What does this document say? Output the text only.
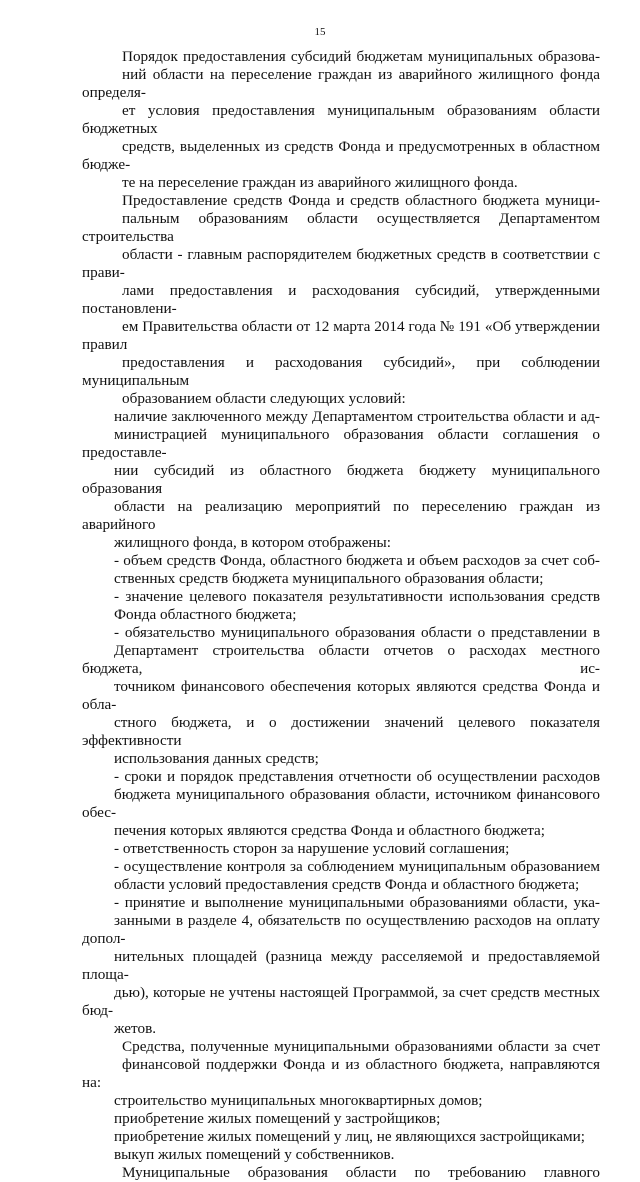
15

Порядок предоставления субсидий бюджетам муниципальных образова-
ний области на переселение граждан из аварийного жилищного фонда определя-
ет условия предоставления муниципальным образованиям области бюджетных
средств, выделенных из средств Фонда и предусмотренных в областном бюдже-
те на переселение граждан из аварийного жилищного фонда.

Предоставление средств Фонда и средств областного бюджета муници-
пальным образованиям области осуществляется Департаментом строительства
области - главным распорядителем бюджетных средств в соответствии с прави-
лами предоставления и расходования субсидий, утвержденными постановлени-
ем Правительства области от 12 марта 2014 года № 191 «Об утверждении правил
предоставления и расходования субсидий», при соблюдении муниципальным
образованием области следующих условий:

наличие заключенного между Департаментом строительства области и ад-
министрацией муниципального образования области соглашения о предоставле-
нии субсидий из областного бюджета бюджету муниципального образования
области на реализацию мероприятий по переселению граждан из аварийного
жилищного фонда, в котором отображены:

- объем средств Фонда, областного бюджета и объем расходов за счет соб-
ственных средств бюджета муниципального образования области;

- значение целевого показателя результативности использования средств
Фонда областного бюджета;

- обязательство муниципального образования области о представлении в
Департамент строительства области отчетов о расходах местного бюджета, ис-
точником финансового обеспечения которых являются средства Фонда и обла-
стного бюджета, и о достижении значений целевого показателя эффективности
использования данных средств;

- сроки и порядок представления отчетности об осуществлении расходов
бюджета муниципального образования области, источником финансового обес-
печения которых являются средства Фонда и областного бюджета;

- ответственность сторон за нарушение условий соглашения;

- осуществление контроля за соблюдением муниципальным образованием
области условий предоставления средств Фонда и областного бюджета;

- принятие и выполнение муниципальными образованиями области, ука-
занными в разделе 4, обязательств по осуществлению расходов на оплату допол-
нительных площадей (разница между расселяемой и предоставляемой площа-
дью), которые не учтены настоящей Программой, за счет средств местных бюд-
жетов.

Средства, полученные муниципальными образованиями области за счет
финансовой поддержки Фонда и из областного бюджета, направляются на:

строительство муниципальных многоквартирных домов;

приобретение жилых помещений у застройщиков;

приобретение жилых помещений у лиц, не являющихся застройщиками;

выкуп жилых помещений у собственников.

Муниципальные образования области по требованию главного
